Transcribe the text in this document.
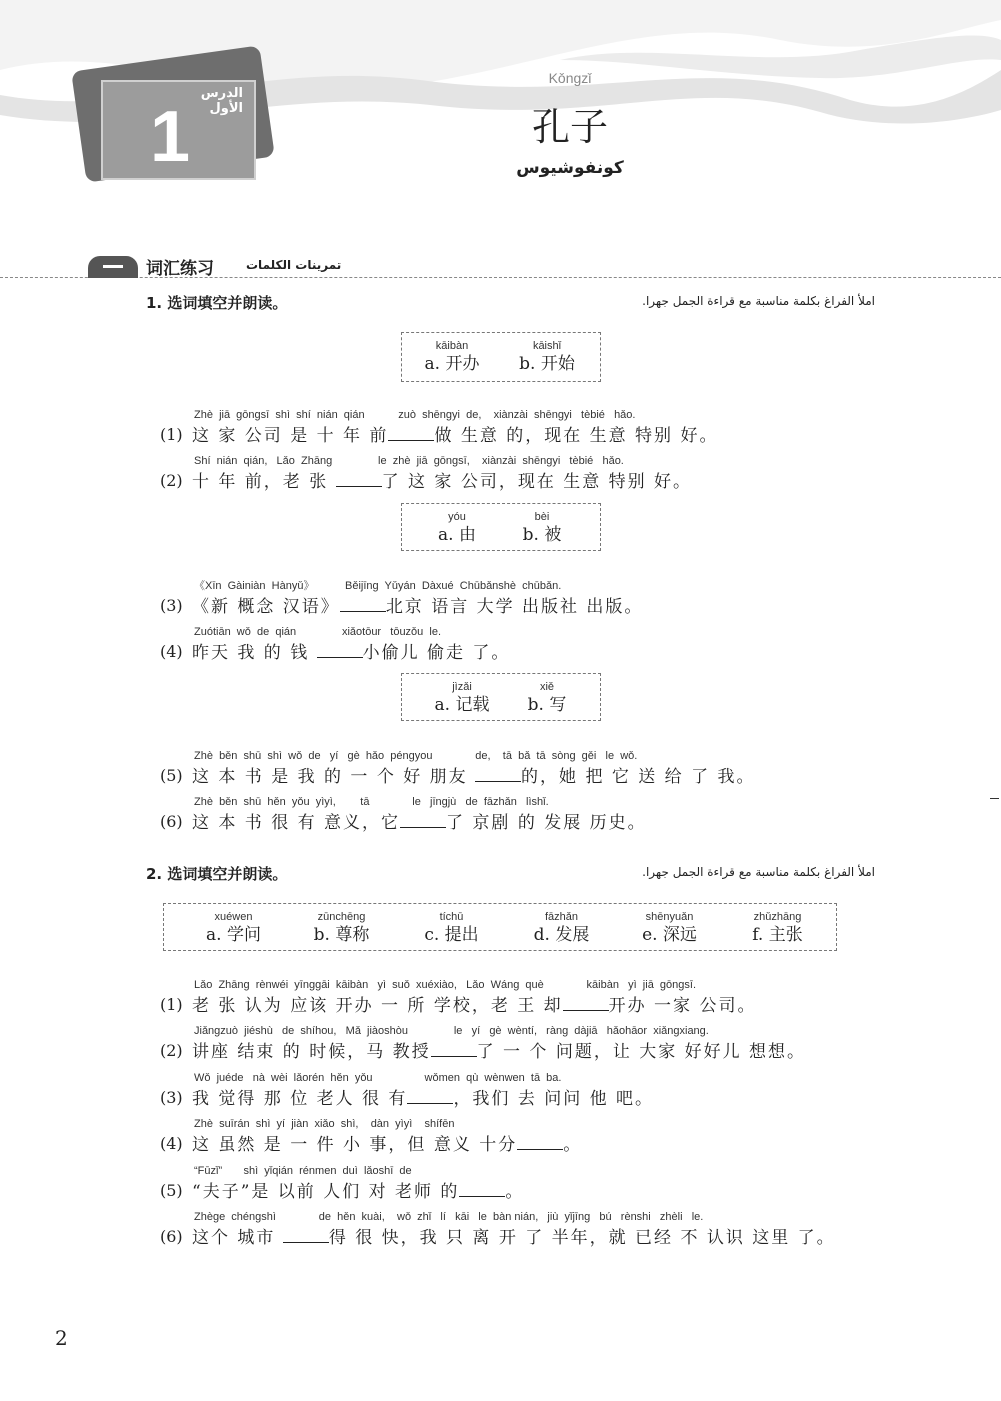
الدرس الأول
1
Kǒngzǐ
孔子
كونفوشيوس
词汇练习	تمرينات الكلمات
1. 选词填空并朗读。	املأ الفراغ بكلمة مناسبة مع قراءة الجمل جهرا.
kāibàn
a. 开办
kāishǐ
b. 开始
Zhè  jiā  gōngsī  shì  shí  nián  qián           zuò  shēngyi  de,    xiànzài  shēngyi   tèbié   hǎo.
(1) 这 家 公司 是 十 年 前	做 生意 的，现在 生意 特别 好。
Shí  nián  qián,   Lǎo  Zhāng               le  zhè  jiā  gōngsī,    xiànzài  shēngyi   tèbié   hǎo.
(2) 十 年 前，老 张	了 这 家 公司，现在 生意 特别 好。
yóu
a. 由
bèi
b. 被
《Xīn  Gàiniàn  Hànyǔ》          Běijīng  Yǔyán  Dàxué  Chūbǎnshè  chūbǎn.
(3) 《新 概念 汉语》	北京 语言 大学 出版社 出版。
Zuótiān  wǒ  de  qián               xiǎotōur   tōuzǒu  le.
(4) 昨天 我 的 钱	小偷儿 偷走 了。
jìzǎi
a. 记载
xiě
b. 写
Zhè  běn  shū  shì  wǒ  de   yí   gè  hǎo  péngyou              de,    tā  bǎ  tā  sòng  gěi   le  wǒ.
(5) 这 本 书 是 我 的 一 个 好 朋友	的，她 把 它 送 给 了 我。
Zhè  běn  shū  hěn  yǒu  yìyì,        tā              le   jīngjù   de  fāzhǎn   lìshǐ.
(6) 这 本 书 很 有 意义，它	了 京剧 的 发展 历史。
2. 选词填空并朗读。	املأ الفراغ بكلمة مناسبة مع قراءة الجمل جهرا.
xuéwen
a. 学问
zūnchēng
b. 尊称
tíchū
c. 提出
fāzhǎn
d. 发展
shēnyuǎn
e. 深远
zhǔzhāng
f. 主张
Lǎo  Zhāng  rènwéi  yīnggāi  kāibàn   yì  suǒ  xuéxiào,   Lǎo  Wáng  què              kāibàn   yì  jiā  gōngsī.
(1) 老 张 认为 应该 开办 一 所 学校，老 王 却	开办 一家 公司。
Jiǎngzuò  jiéshù   de  shíhou,   Mǎ  jiàoshòu               le   yí   gè  wèntí,   ràng  dàjiā   hǎohāor  xiǎngxiang.
(2) 讲座 结束 的 时候，马 教授	了 一 个 问题，让 大家 好好儿 想想。
Wǒ  juéde   nà  wèi  lǎorén  hěn  yǒu                 wǒmen  qù  wènwen  tā  ba.
(3) 我 觉得 那 位 老人 很 有	，我们 去 问问 他 吧。
Zhè  suīrán  shì  yí  jiàn  xiǎo  shì,    dàn  yìyì    shífēn
(4) 这 虽然 是 一 件 小 事，但 意义 十分	。
“Fūzǐ”       shì  yǐqián  rénmen  duì  lǎoshī  de
(5) “夫子”是 以前 人们 对 老师 的	。
Zhège  chéngshì              de  hěn  kuài,    wǒ  zhǐ   lí   kāi   le  bàn nián,   jiù  yǐjīng   bú   rènshi   zhèli   le.
(6) 这个 城市	得 很 快，我 只 离 开 了 半年，就 已经 不 认识 这里 了。
2
